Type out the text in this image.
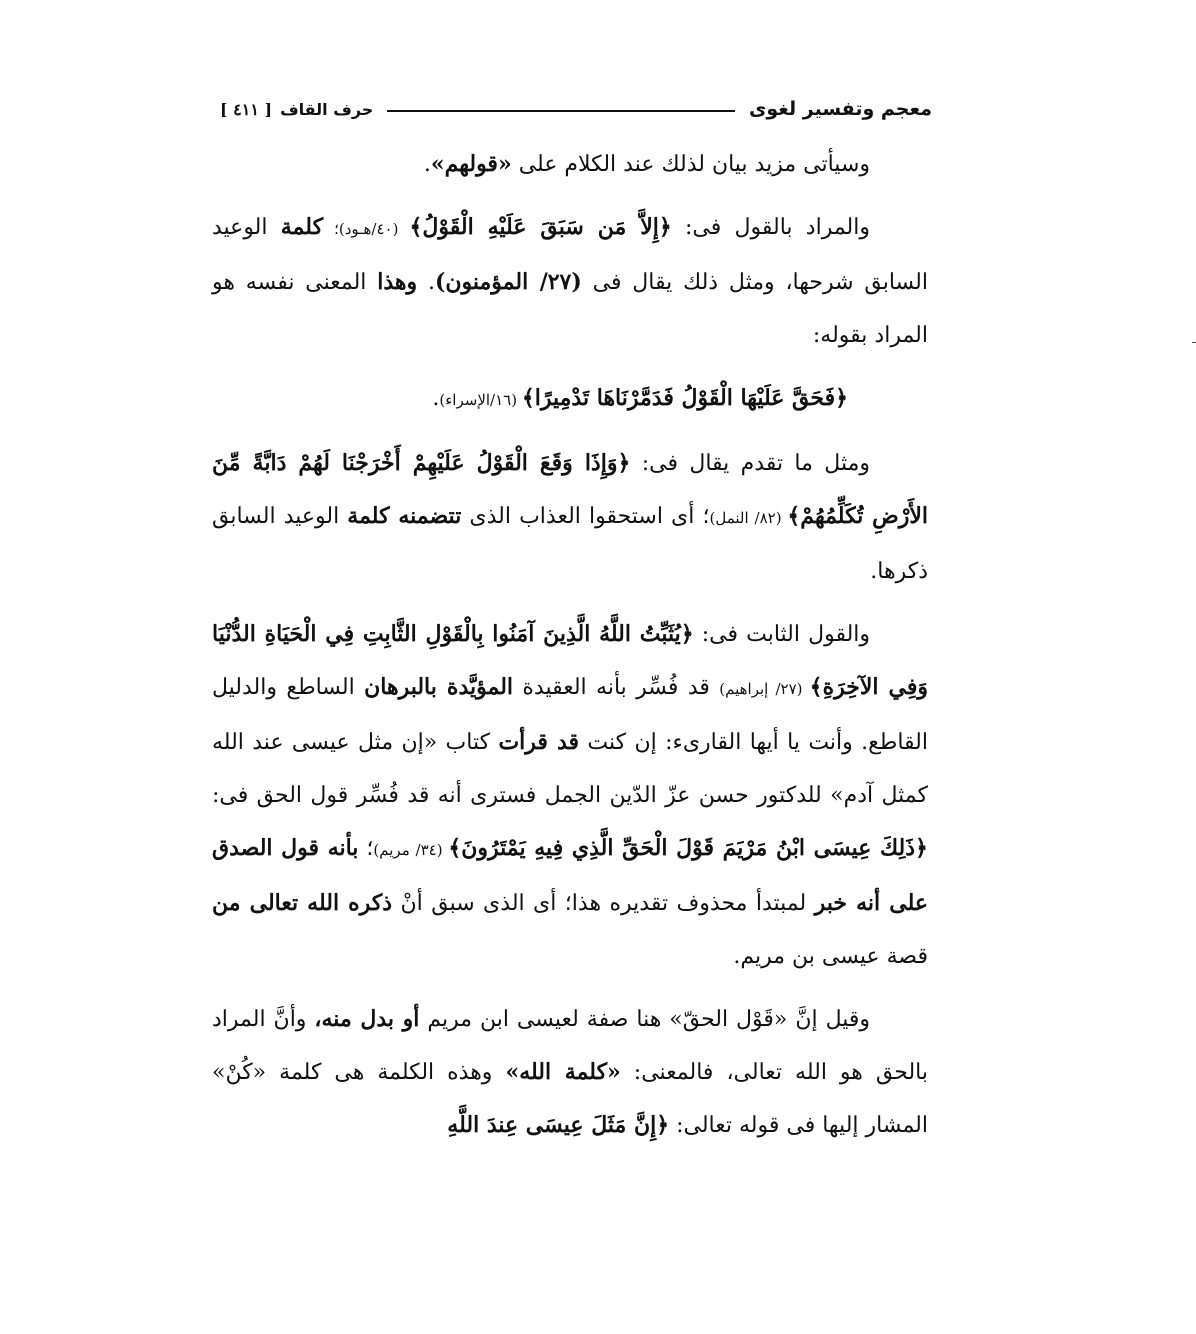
معجم وتفسير لغوى
حرف القاف
[ ٤١١ ]

وسيأتى مزيد بيان لذلك عند الكلام على «قولهم».

والمراد بالقول فى: ﴿إِلاَّ مَن سَبَقَ عَلَيْهِ الْقَوْلُ﴾ (٤٠/هـود)؛ كلمة الوعيد السابق شرحها، ومثل ذلك يقال فى (٢٧/ المؤمنون). وهذا المعنى نفسه هو المراد بقوله:

﴿فَحَقَّ عَلَيْهَا الْقَوْلُ فَدَمَّرْنَاهَا تَدْمِيرًا﴾ (١٦/الإسراء).

ومثل ما تقدم يقال فى: ﴿وَإِذَا وَقَعَ الْقَوْلُ عَلَيْهِمْ أَخْرَجْنَا لَهُمْ دَابَّةً مِّنَ الأَرْضِ تُكَلِّمُهُمْ﴾ (٨٢/ النمل)؛ أى استحقوا العذاب الذى تتضمنه كلمة الوعيد السابق ذكرها.

والقول الثابت فى: ﴿يُثَبِّتُ اللَّهُ الَّذِينَ آمَنُوا بِالْقَوْلِ الثَّابِتِ فِي الْحَيَاةِ الدُّنْيَا وَفِي الآخِرَةِ﴾ (٢٧/ إبراهيم) قد فُسِّر بأنه العقيدة المؤيَّدة بالبرهان الساطع والدليل القاطع. وأنت يا أيها القارىء: إن كنت قد قرأت كتاب «إن مثل عيسى عند الله كمثل آدم» للدكتور حسن عزّ الدّين الجمل فسترى أنه قد فُسِّر قول الحق فى: ﴿ذَلِكَ عِيسَى ابْنُ مَرْيَمَ قَوْلَ الْحَقِّ الَّذِي فِيهِ يَمْتَرُونَ﴾ (٣٤/ مريم)؛ بأنه قول الصدق على أنه خبر لمبتدأ محذوف تقديره هذا؛ أى الذى سبق أنْ ذكره الله تعالى من قصة عيسى بن مريم.

وقيل إنَّ «قَوْل الحقّ» هنا صفة لعيسى ابن مريم أو بدل منه، وأنَّ المراد بالحق هو الله تعالى، فالمعنى: «كلمة الله» وهذه الكلمة هى كلمة «كُنْ» المشار إليها فى قوله تعالى: ﴿إِنَّ مَثَلَ عِيسَى عِندَ اللَّهِ
